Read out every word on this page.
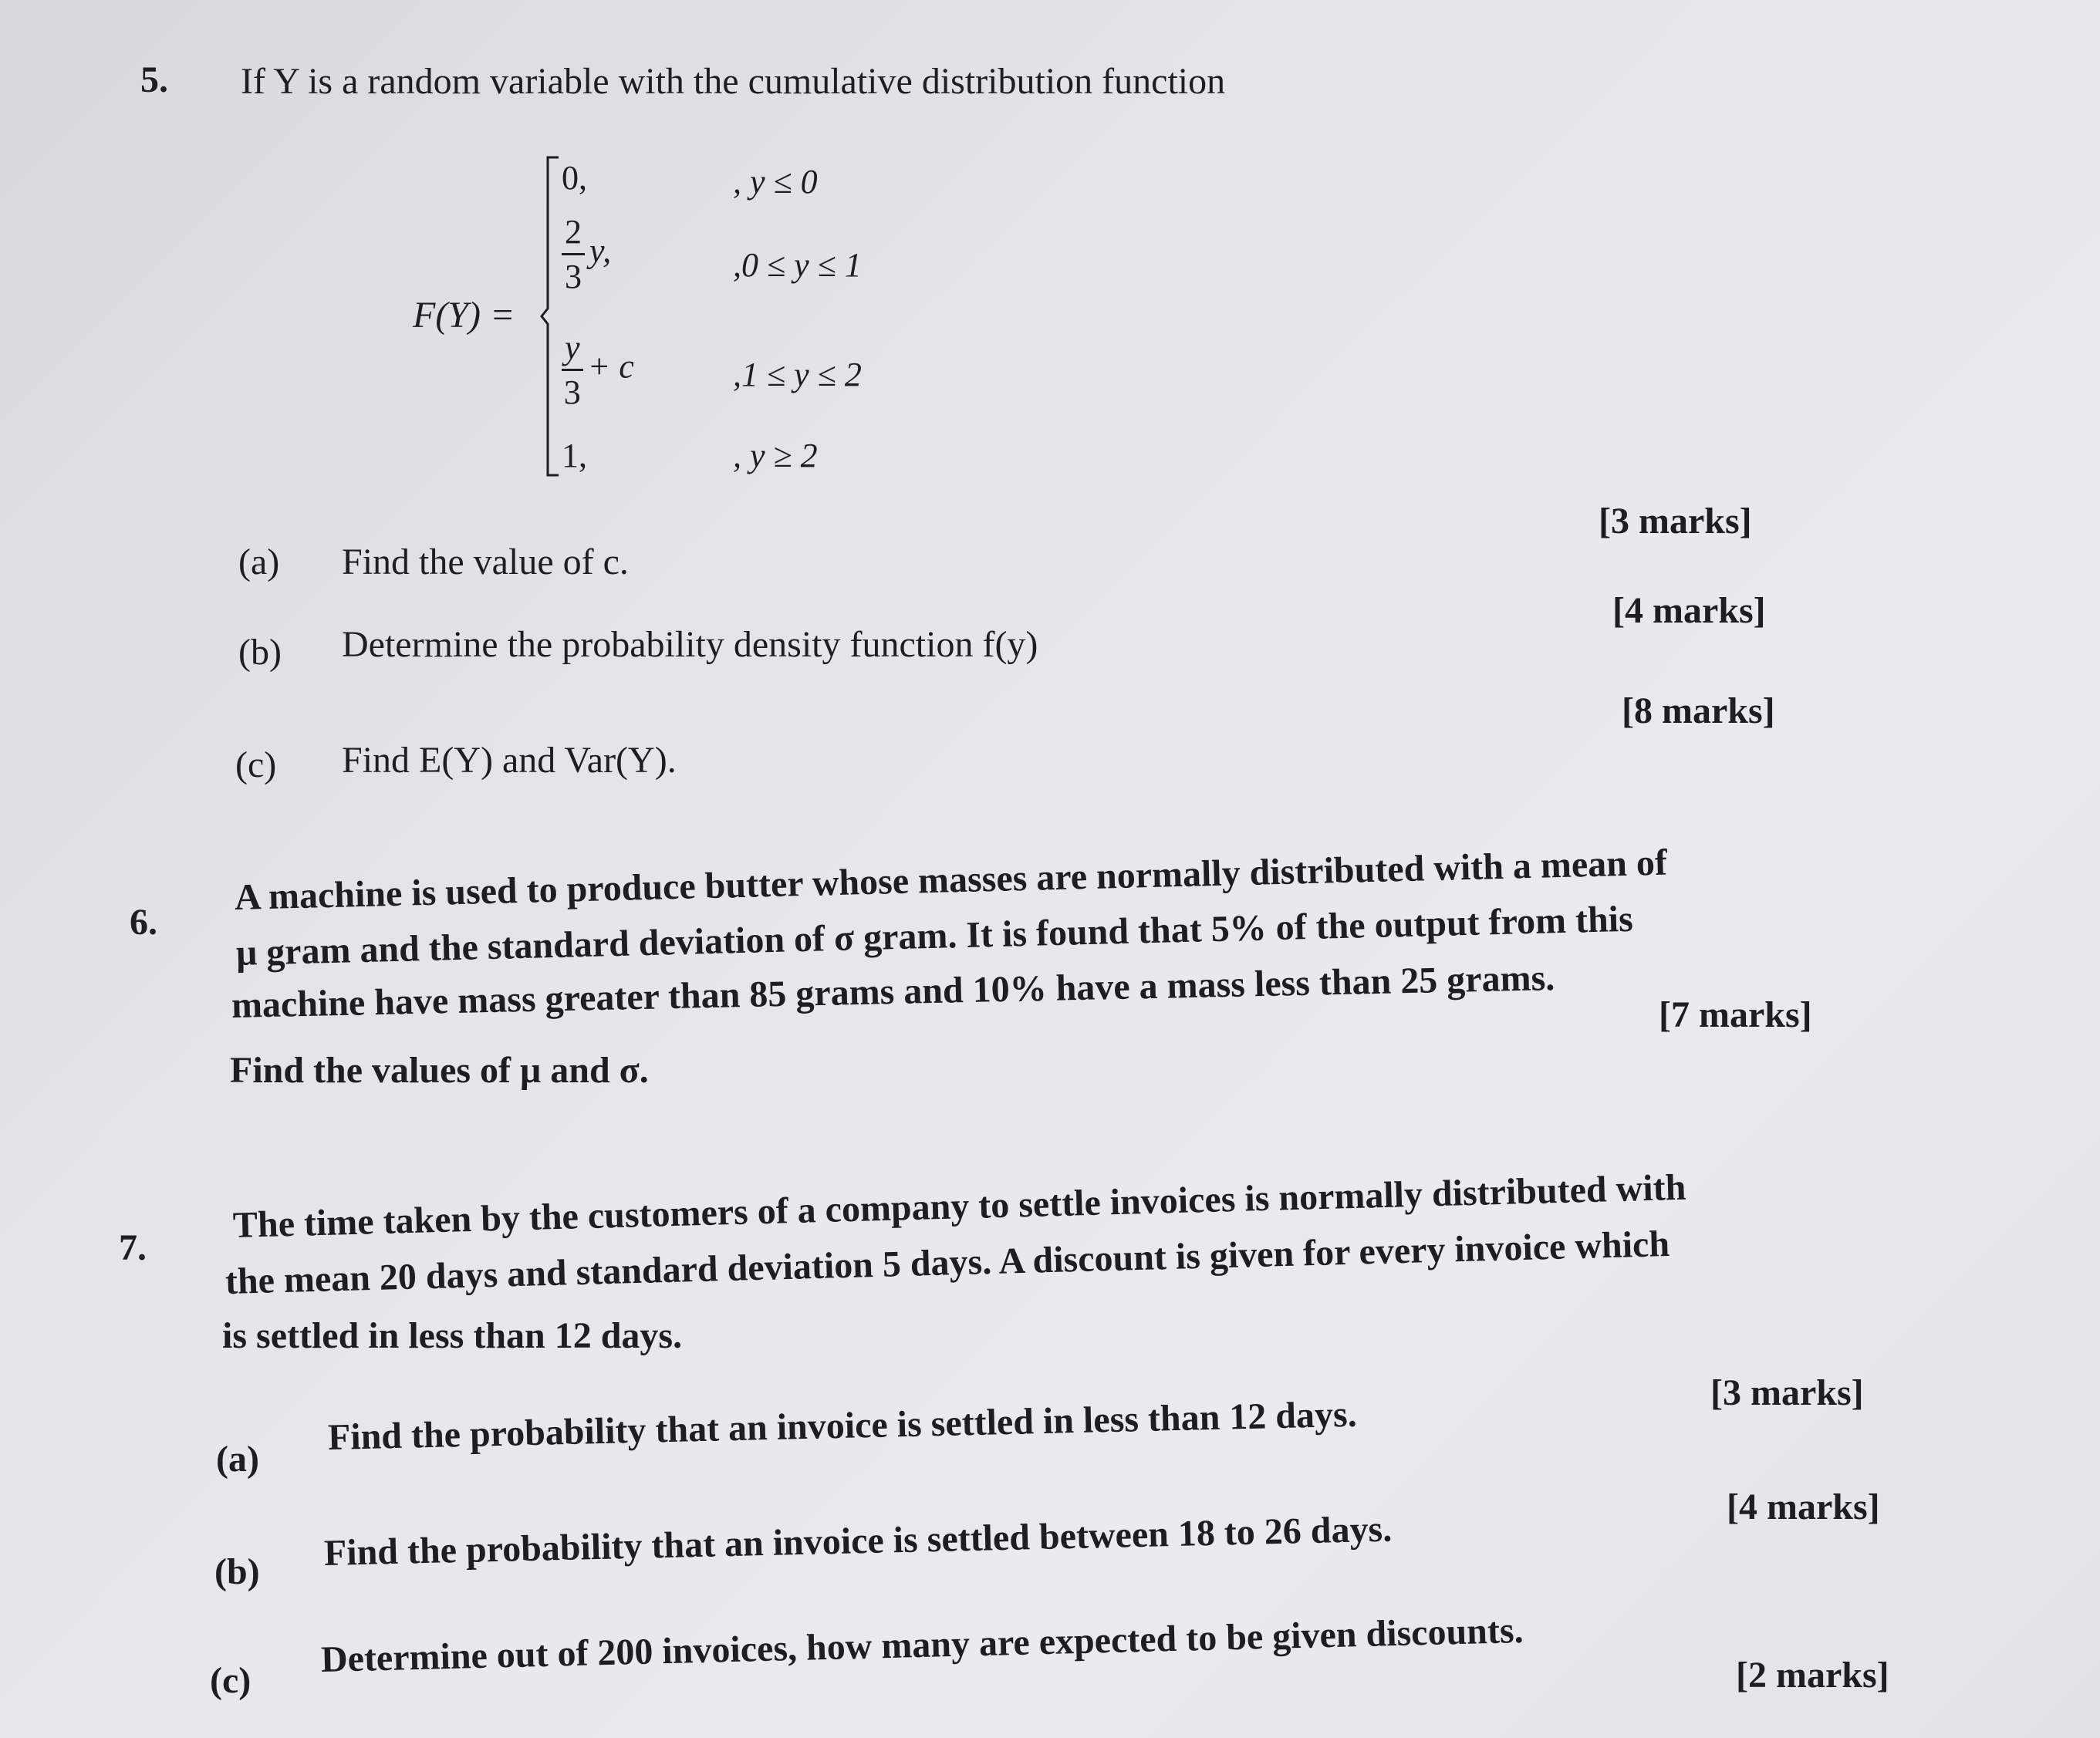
5. If Y is a random variable with the cumulative distribution function
F(Y) =
0,	, y ≤ 0
$\frac{2}{3} y$,	,0 ≤ y ≤ 1
$\frac{y}{3} + c$	,1 ≤ y ≤ 2
1,	, y ≥ 2
(a) Find the value of c.
[3 marks]
(b) Determine the probability density function f(y)
[4 marks]
(c) Find E(Y) and Var(Y).
[8 marks]
6.
A machine is used to produce butter whose masses are normally distributed with a mean of
μ gram and the standard deviation of σ gram. It is found that 5% of the output from this
machine have mass greater than 85 grams and 10% have a mass less than 25 grams.
Find the values of μ and σ.
[7 marks]
7.
The time taken by the customers of a company to settle invoices is normally distributed with
the mean 20 days and standard deviation 5 days. A discount is given for every invoice which
is settled in less than 12 days.
(a)
Find the probability that an invoice is settled in less than 12 days.
[3 marks]
(b) Find the probability that an invoice is settled between 18 to 26 days.
[4 marks]
(c)
Determine out of 200 invoices, how many are expected to be given discounts.	[2 marks]
